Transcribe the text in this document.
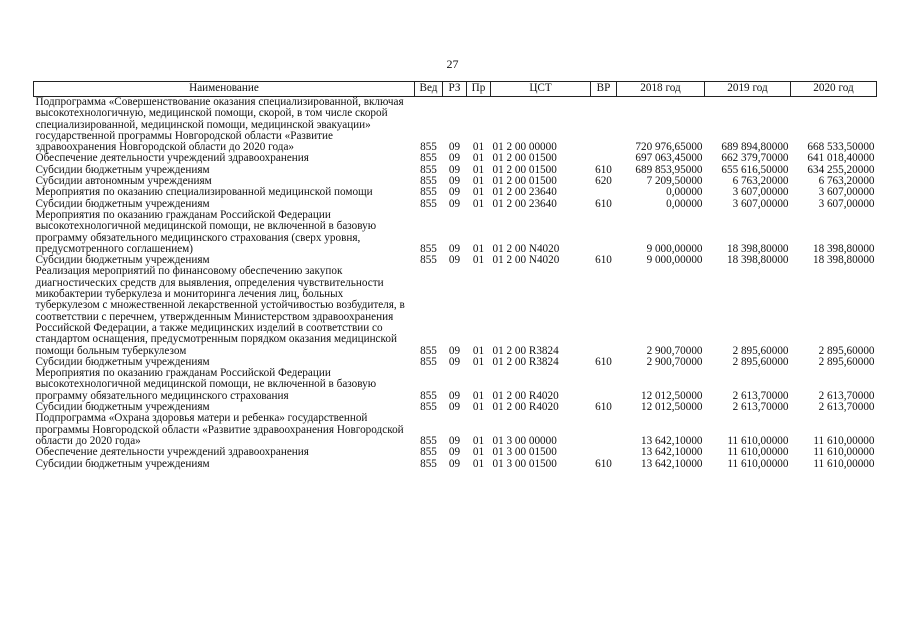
27
Наименование	Вед	РЗ	Пр	ЦСТ	ВР	2018 год	2019 год	2020 год
Подпрограмма «Совершенствование оказания специализированной, включая высокотехнологичную, медицинской помощи, скорой, в том числе скорой специализированной, медицинской помощи, медицинской эвакуации» государственной программы Новгородской области «Развитие здравоохранения Новгородской области до 2020 года»	855	09	01	01 2 00 00000		720 976,65000	689 894,80000	668 533,50000
Обеспечение деятельности учреждений здравоохранения	855	09	01	01 2 00 01500		697 063,45000	662 379,70000	641 018,40000
Субсидии бюджетным учреждениям	855	09	01	01 2 00 01500	610	689 853,95000	655 616,50000	634 255,20000
Субсидии автономным учреждениям	855	09	01	01 2 00 01500	620	7 209,50000	6 763,20000	6 763,20000
Мероприятия по оказанию специализированной медицинской помощи	855	09	01	01 2 00 23640		0,00000	3 607,00000	3 607,00000
Субсидии бюджетным учреждениям	855	09	01	01 2 00 23640	610	0,00000	3 607,00000	3 607,00000
Мероприятия по оказанию гражданам Российской Федерации высокотехнологичной медицинской помощи, не включенной в базовую программу обязательного медицинского страхования (сверх уровня, предусмотренного соглашением)	855	09	01	01 2 00 N4020		9 000,00000	18 398,80000	18 398,80000
Субсидии бюджетным учреждениям	855	09	01	01 2 00 N4020	610	9 000,00000	18 398,80000	18 398,80000
Реализация мероприятий по финансовому обеспечению закупок диагностических средств для выявления, определения чувствительности микобактерии туберкулеза и мониторинга лечения лиц, больных туберкулезом с множественной лекарственной устойчивостью возбудителя, в соответствии с перечнем, утвержденным Министерством здравоохранения Российской Федерации, а также медицинских изделий в соответствии со стандартом оснащения, предусмотренным порядком оказания медицинской помощи больным туберкулезом	855	09	01	01 2 00 R3824		2 900,70000	2 895,60000	2 895,60000
Субсидии бюджетным учреждениям	855	09	01	01 2 00 R3824	610	2 900,70000	2 895,60000	2 895,60000
Мероприятия по оказанию гражданам Российской Федерации высокотехнологичной медицинской помощи, не включенной в базовую программу обязательного медицинского страхования	855	09	01	01 2 00 R4020		12 012,50000	2 613,70000	2 613,70000
Субсидии бюджетным учреждениям	855	09	01	01 2 00 R4020	610	12 012,50000	2 613,70000	2 613,70000
Подпрограмма «Охрана здоровья матери и ребенка» государственной программы Новгородской области «Развитие здравоохранения Новгородской области до 2020 года»	855	09	01	01 3 00 00000		13 642,10000	11 610,00000	11 610,00000
Обеспечение деятельности учреждений здравоохранения	855	09	01	01 3 00 01500		13 642,10000	11 610,00000	11 610,00000
Субсидии бюджетным учреждениям	855	09	01	01 3 00 01500	610	13 642,10000	11 610,00000	11 610,00000
